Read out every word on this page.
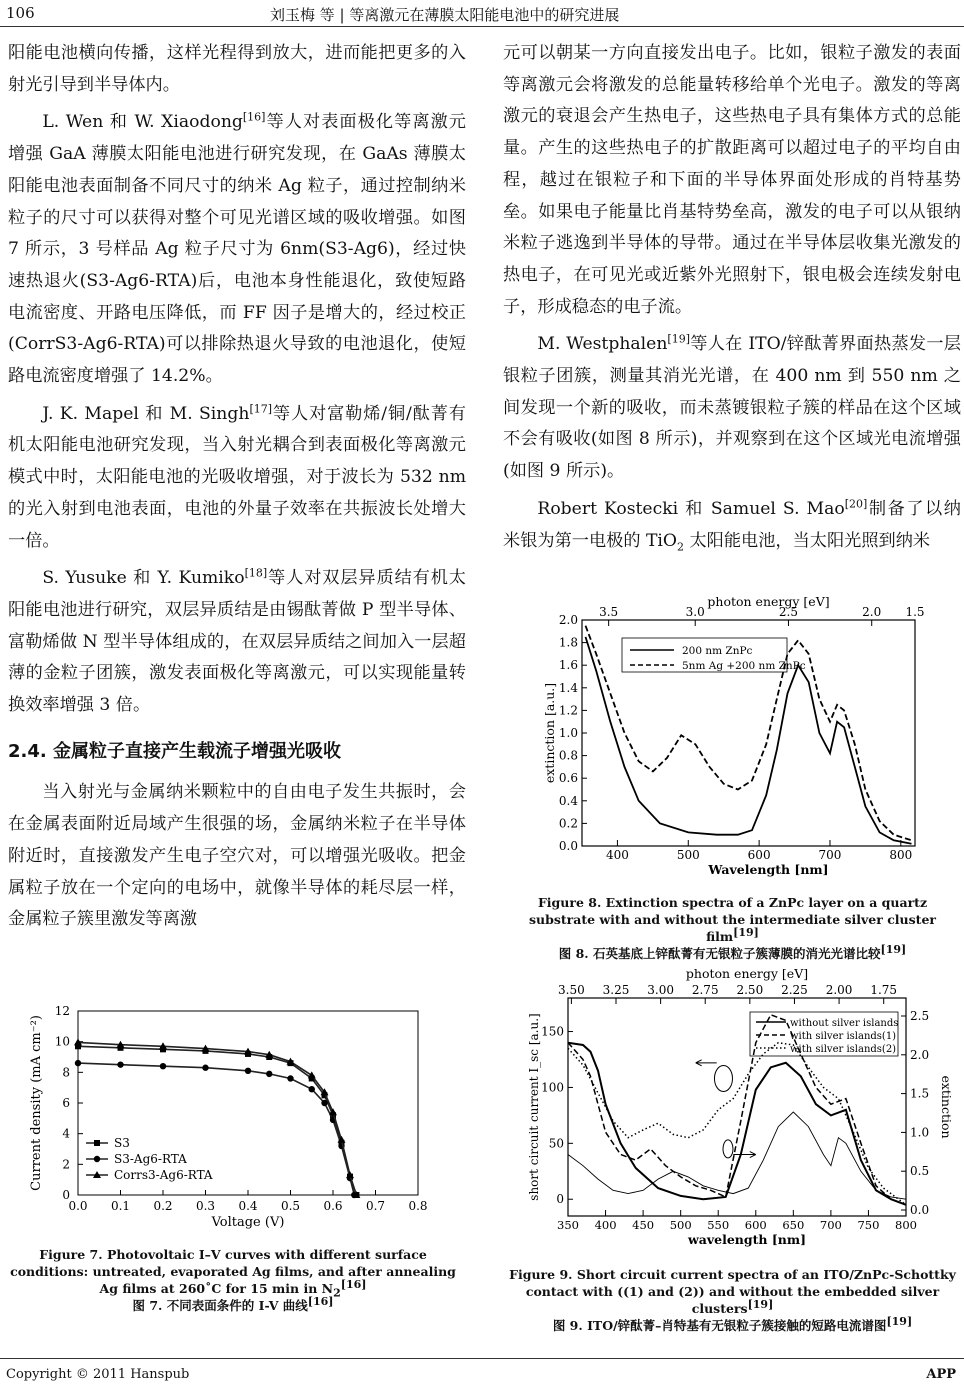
106	刘玉梅 等 | 等离激元在薄膜太阳能电池中的研究进展

阳能电池横向传播，这样光程得到放大，进而能把更多的入射光引导到半导体内。

L. Wen 和 W. Xiaodong[16]等人对表面极化等离激元增强 GaA 薄膜太阳能电池进行研究发现，在 GaAs 薄膜太阳能电池表面制备不同尺寸的纳米 Ag 粒子，通过控制纳米粒子的尺寸可以获得对整个可见光谱区域的吸收增强。如图 7 所示，3 号样品 Ag 粒子尺寸为 6nm(S3-Ag6)，经过快速热退火(S3-Ag6-RTA)后，电池本身性能退化，致使短路电流密度、开路电压降低，而 FF 因子是增大的，经过校正(CorrS3-Ag6-RTA)可以排除热退火导致的电池退化，使短路电流密度增强了 14.2%。

J. K. Mapel 和 M. Singh[17]等人对富勒烯/铜/酞菁有机太阳能电池研究发现，当入射光耦合到表面极化等离激元模式中时，太阳能电池的光吸收增强，对于波长为 532 nm 的光入射到电池表面，电池的外量子效率在共振波长处增大一倍。

S. Yusuke 和 Y. Kumiko[18]等人对双层异质结有机太阳能电池进行研究，双层异质结是由锡酞菁做 P 型半导体、富勒烯做 N 型半导体组成的，在双层异质结之间加入一层超薄的金粒子团簇，激发表面极化等离激元，可以实现能量转换效率增强 3 倍。

2.4. 金属粒子直接产生载流子增强光吸收

当入射光与金属纳米颗粒中的自由电子发生共振时，会在金属表面附近局域产生很强的场，金属纳米粒子在半导体附近时，直接激发产生电子空穴对，可以增强光吸收。把金属粒子放在一个定向的电场中，就像半导体的耗尽层一样，金属粒子簇里激发等离激

元可以朝某一方向直接发出电子。比如，银粒子激发的表面等离激元会将激发的总能量转移给单个光电子。激发的等离激元的衰退会产生热电子，这些热电子具有集体方式的总能量。产生的这些热电子的扩散距离可以超过电子的平均自由程，越过在银粒子和下面的半导体界面处形成的肖特基势垒。如果电子能量比肖基特势垒高，激发的电子可以从银纳米粒子逃逸到半导体的导带。通过在半导体层收集光激发的热电子，在可见光或近紫外光照射下，银电极会连续发射电子，形成稳态的电子流。

M. Westphalen[19]等人在 ITO/锌酞菁界面热蒸发一层银粒子团簇，测量其消光光谱，在 400 nm 到 550 nm 之间发现一个新的吸收，而未蒸镀银粒子簇的样品在这个区域不会有吸收(如图 8 所示)，并观察到在这个区域光电流增强(如图 9 所示)。

Robert Kostecki 和 Samuel S. Mao[20]制备了以纳米银为第一电极的 TiO$_2$ 太阳能电池，当太阳光照到纳米

0.0 0.1 0.2 0.3 0.4 0.5 0.6 0.7 0.8
0
2
4
6
8
10
12
Voltage (V)
Current density (mA cm⁻²)	S3
S3-Ag6-RTA
Corrs3-Ag6-RTA
Figure 7. Photovoltaic I–V curves with different surface conditions: untreated, evaporated Ag films, and after annealing Ag films at 260˚C for 15 min in $N_2[16]$
图 7. 不同表面条件的 I-V 曲线[16]
photon energy [eV]
3.5	3.0	2.5	2.0 1.5
400	500	600	700	800
0.0
0.2
0.4
0.6
0.8
1.0
1.2
1.4
1.6
1.8
2.0
Wavelength [nm]
extinction [a.u.]
200 nm ZnPc
5nm Ag +200 nm ZnPc
Figure 8. Extinction spectra of a ZnPc layer on a quartz substrate with and without the intermediate silver cluster film[19]
图 8. 石英基底上锌酞菁有无银粒子簇薄膜的消光光谱比较[19]
photon energy [eV]
3.50 3.25 3.00 2.75 2.50 2.25 2.00 1.75
350 400 450 500 550 600 650 700 750 800
0
50
100
150
0.0
0.5
1.0
1.5
2.0
2.5
wavelength [nm]
short circuit current I_sc [a.u.]	extinction
without silver islands
with silver islands(1)
with silver islands(2)
Figure 9. Short circuit current spectra of an ITO/ZnPc-Schottky contact with ((1) and (2)) and without the embedded silver clusters[19]
图 9. ITO/锌酞菁–肖特基有无银粒子簇接触的短路电流谱图[19]
Copyright © 2011 Hanspub	APP
